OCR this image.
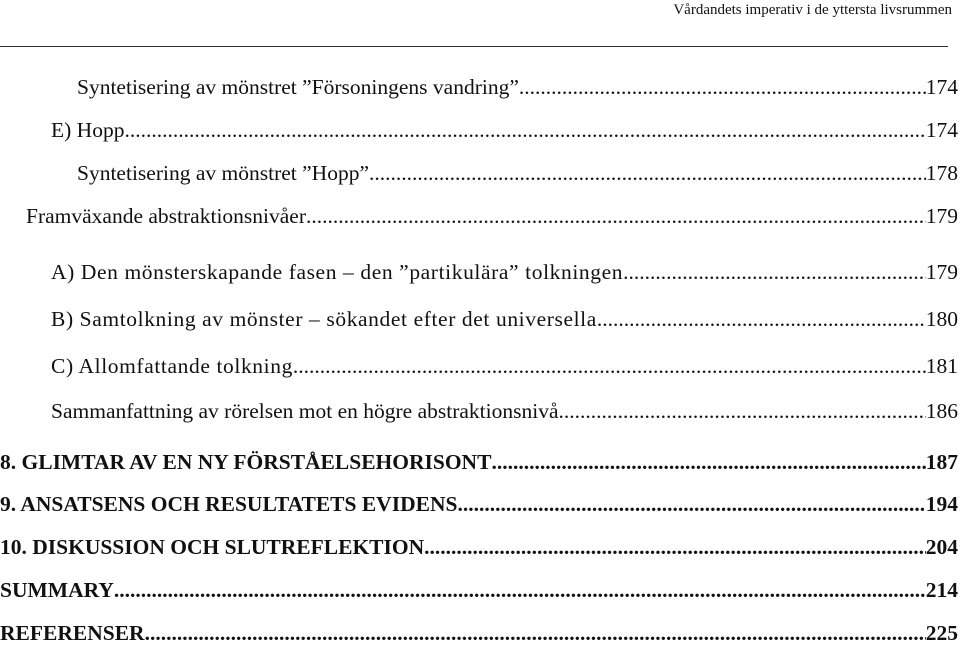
Vårdandets imperativ i de yttersta livsrummen
Syntetisering av mönstret ”Försoningens vandring” .....	174
E) Hopp .....	174
Syntetisering av mönstret ”Hopp” .....	178
Framväxande abstraktionsnivåer .....	179
A) Den mönsterskapande fasen – den ”partikulära” tolkningen .....	179
B) Samtolkning av mönster – sökandet efter det universella .....	180
C) Allomfattande tolkning .....	181
Sammanfattning av rörelsen mot en högre abstraktionsnivå .....	186
8. GLIMTAR AV EN NY FÖRSTÅELSEHORISONT .....	187
9. ANSATSENS OCH RESULTATETS EVIDENS .....	194
10. DISKUSSION OCH SLUTREFLEKTION .....	204
SUMMARY .....	214
REFERENSER .....	225
